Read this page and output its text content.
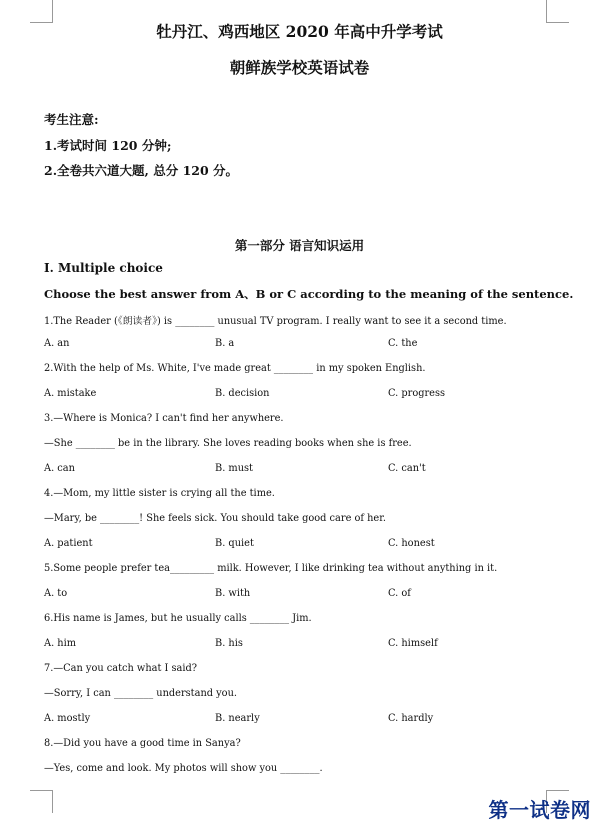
牡丹江、鸡西地区 2020 年高中升学考试
朝鲜族学校英语试卷
考生注意:
1.考试时间 120 分钟;
2.全卷共六道大题, 总分 120 分。
第一部分 语言知识运用
I. Multiple choice
Choose the best answer from A、B or C according to the meaning of the sentence.
1.The Reader (《朗读者》) is ________ unusual TV program. I really want to see it a second time.
A. an	B. a	C. the
2.With the help of Ms. White, I've made great ________ in my spoken English.
A. mistake	B. decision	C. progress
3.—Where is Monica? I can't find her anywhere.
—She ________ be in the library. She loves reading books when she is free.
A. can	B. must	C. can't
4.—Mom, my little sister is crying all the time.
—Mary, be ________! She feels sick. You should take good care of her.
A. patient	B. quiet	C. honest
5.Some people prefer tea_________ milk. However, I like drinking tea without anything in it.
A. to	B. with	C. of
6.His name is James, but he usually calls ________ Jim.
A. him	B. his	C. himself
7.—Can you catch what I said?
—Sorry, I can ________ understand you.
A. mostly	B. nearly	C. hardly
8.—Did you have a good time in Sanya?
—Yes, come and look. My photos will show you ________.
第一试卷网
